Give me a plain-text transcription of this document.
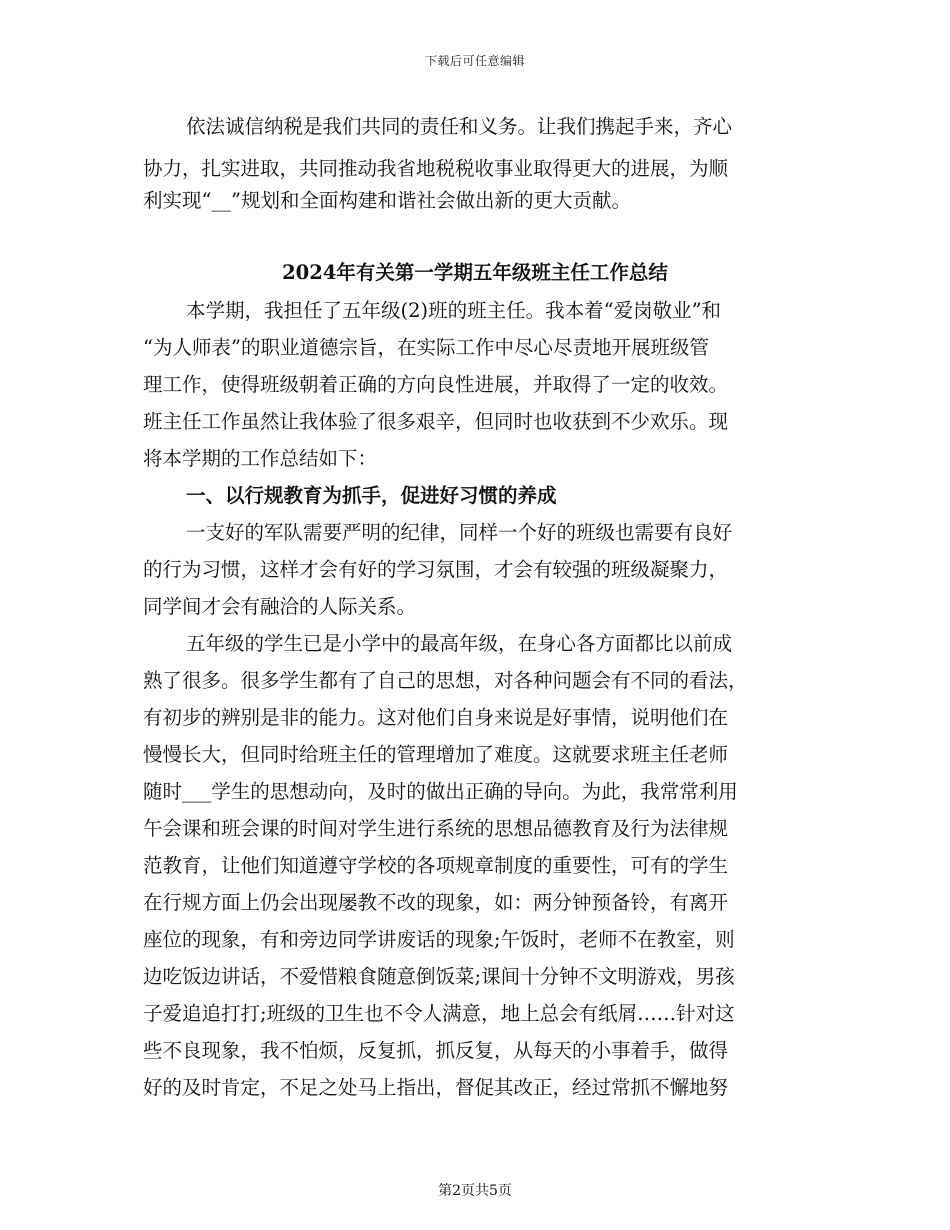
下载后可任意编辑
依法诚信纳税是我们共同的责任和义务。让我们携起手来，齐心
协力，扎实进取，共同推动我省地税税收事业取得更大的进展，为顺
利实现“__”规划和全面构建和谐社会做出新的更大贡献。
2024年有关第一学期五年级班主任工作总结
本学期，我担任了五年级(2)班的班主任。我本着“爱岗敬业”和
“为人师表”的职业道德宗旨，在实际工作中尽心尽责地开展班级管
理工作，使得班级朝着正确的方向良性进展，并取得了一定的收效。
班主任工作虽然让我体验了很多艰辛，但同时也收获到不少欢乐。现
将本学期的工作总结如下：
一、以行规教育为抓手，促进好习惯的养成
一支好的军队需要严明的纪律，同样一个好的班级也需要有良好
的行为习惯，这样才会有好的学习氛围，才会有较强的班级凝聚力，
同学间才会有融洽的人际关系。
五年级的学生已是小学中的最高年级，在身心各方面都比以前成
熟了很多。很多学生都有了自己的思想，对各种问题会有不同的看法，
有初步的辨别是非的能力。这对他们自身来说是好事情，说明他们在
慢慢长大，但同时给班主任的管理增加了难度。这就要求班主任老师
随时___学生的思想动向，及时的做出正确的导向。为此，我常常利用
午会课和班会课的时间对学生进行系统的思想品德教育及行为法律规
范教育，让他们知道遵守学校的各项规章制度的重要性，可有的学生
在行规方面上仍会出现屡教不改的现象，如：两分钟预备铃，有离开
座位的现象，有和旁边同学讲废话的现象;午饭时，老师不在教室，则
边吃饭边讲话，不爱惜粮食随意倒饭菜;课间十分钟不文明游戏，男孩
子爱追追打打;班级的卫生也不令人满意，地上总会有纸屑……针对这
些不良现象，我不怕烦，反复抓，抓反复，从每天的小事着手，做得
好的及时肯定，不足之处马上指出，督促其改正，经过常抓不懈地努
第2页共5页
